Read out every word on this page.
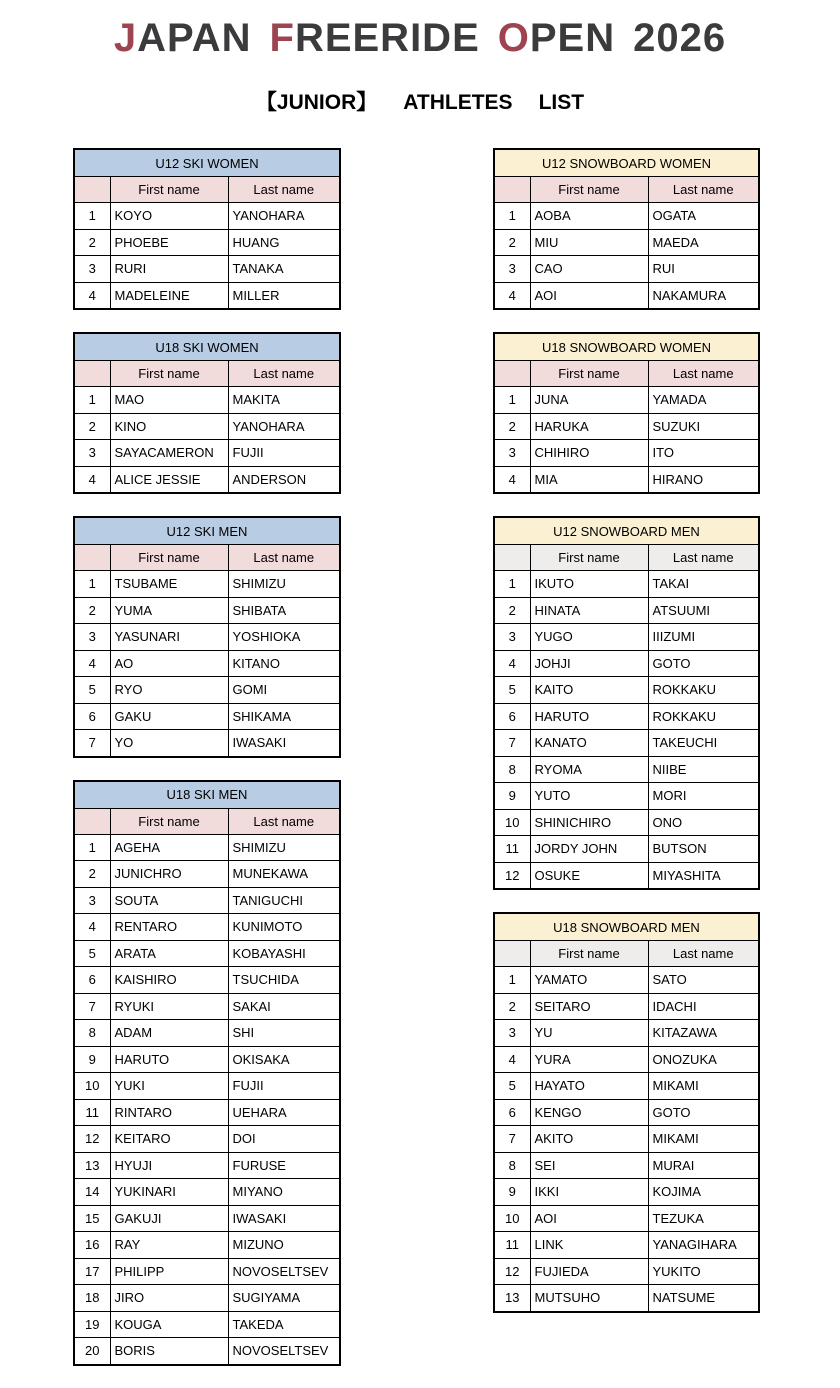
JAPAN FREERIDE OPEN 2026
【JUNIOR】 ATHLETES LIST
U12 SKI WOMEN		
	First name	Last name
1	KOYO	YANOHARA
2	PHOEBE	HUANG
3	RURI	TANAKA
4	MADELEINE	MILLER
U18 SKI WOMEN		
	First name	Last name
1	MAO	MAKITA
2	KINO	YANOHARA
3	SAYACAMERON	FUJII
4	ALICE JESSIE	ANDERSON
U12 SKI MEN		
	First name	Last name
1	TSUBAME	SHIMIZU
2	YUMA	SHIBATA
3	YASUNARI	YOSHIOKA
4	AO	KITANO
5	RYO	GOMI
6	GAKU	SHIKAMA
7	YO	IWASAKI
U18 SKI MEN		
	First name	Last name
1	AGEHA	SHIMIZU
2	JUNICHRO	MUNEKAWA
3	SOUTA	TANIGUCHI
4	RENTARO	KUNIMOTO
5	ARATA	KOBAYASHI
6	KAISHIRO	TSUCHIDA
7	RYUKI	SAKAI
8	ADAM	SHI
9	HARUTO	OKISAKA
10	YUKI	FUJII
11	RINTARO	UEHARA
12	KEITARO	DOI
13	HYUJI	FURUSE
14	YUKINARI	MIYANO
15	GAKUJI	IWASAKI
16	RAY	MIZUNO
17	PHILIPP	NOVOSELTSEV
18	JIRO	SUGIYAMA
19	KOUGA	TAKEDA
20	BORIS	NOVOSELTSEV
U12 SNOWBOARD WOMEN		
	First name	Last name
1	AOBA	OGATA
2	MIU	MAEDA
3	CAO	RUI
4	AOI	NAKAMURA
U18 SNOWBOARD WOMEN		
	First name	Last name
1	JUNA	YAMADA
2	HARUKA	SUZUKI
3	CHIHIRO	ITO
4	MIA	HIRANO
U12 SNOWBOARD MEN		
	First name	Last name
1	IKUTO	TAKAI
2	HINATA	ATSUUMI
3	YUGO	IIIZUMI
4	JOHJI	GOTO
5	KAITO	ROKKAKU
6	HARUTO	ROKKAKU
7	KANATO	TAKEUCHI
8	RYOMA	NIIBE
9	YUTO	MORI
10	SHINICHIRO	ONO
11	JORDY JOHN	BUTSON
12	OSUKE	MIYASHITA
U18 SNOWBOARD MEN		
	First name	Last name
1	YAMATO	SATO
2	SEITARO	IDACHI
3	YU	KITAZAWA
4	YURA	ONOZUKA
5	HAYATO	MIKAMI
6	KENGO	GOTO
7	AKITO	MIKAMI
8	SEI	MURAI
9	IKKI	KOJIMA
10	AOI	TEZUKA
11	LINK	YANAGIHARA
12	FUJIEDA	YUKITO
13	MUTSUHO	NATSUME
